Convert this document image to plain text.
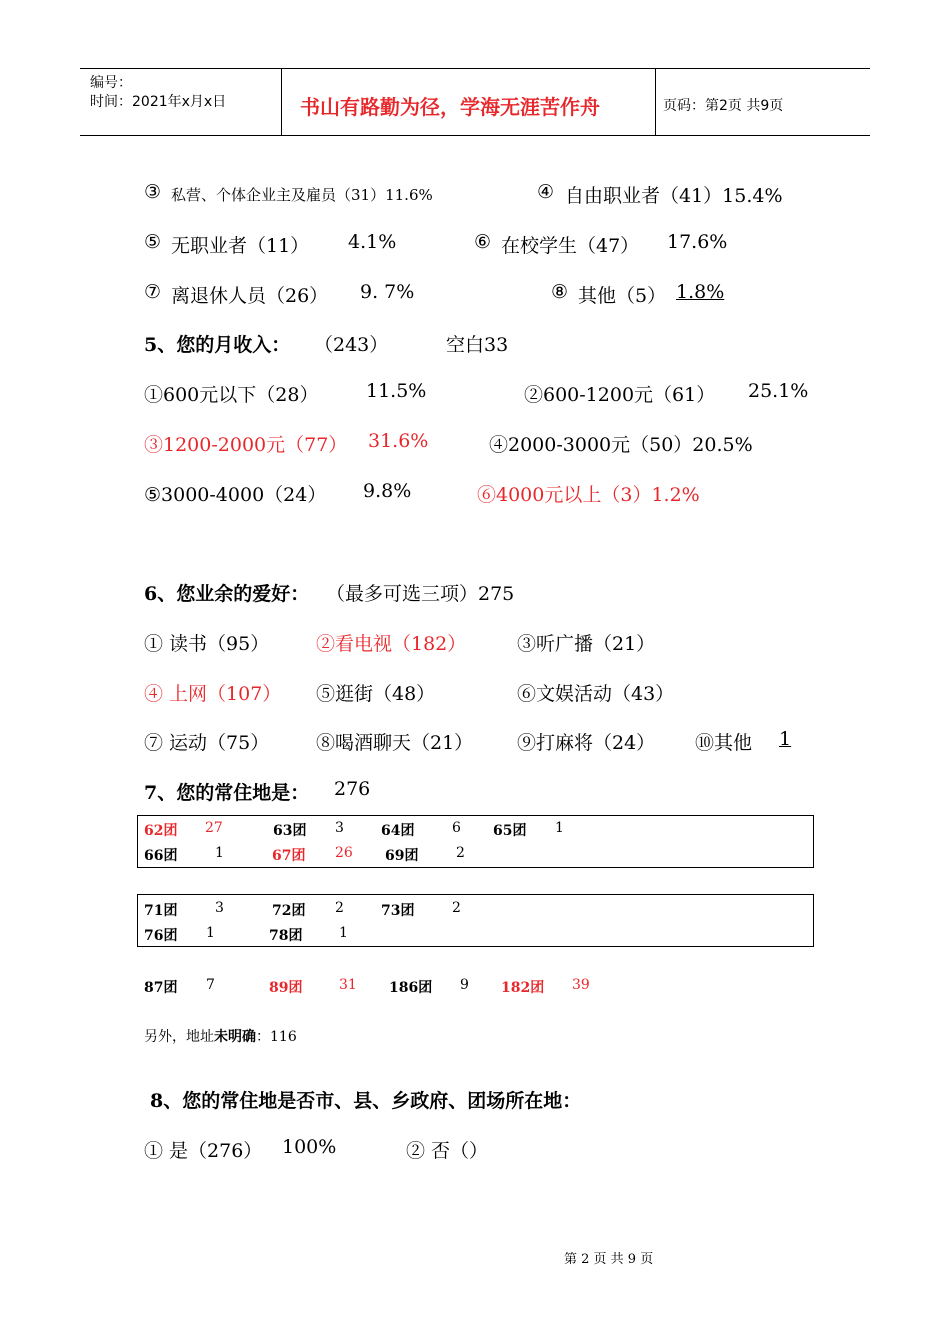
编号：
时间：2021年x月x日	书山有路勤为径，学海无涯苦作舟	页码：第2页 共9页
③ 私营、个体企业主及雇员（31）11.6%	④ 自由职业者（41）15.4%
⑤ 无职业者（11） 4.1%	⑥ 在校学生（47） 17.6%
⑦ 离退休人员（26） 9. 7%	⑧ 其他（5） 1.8%
5、您的月收入： （243）	空白33
①600元以下（28）	11.5%	②600-1200元（61） 25.1%
③1200-2000元（77） 31.6%	④2000-3000元（50）20.5%
⑤3000-4000（24） 9.8%	⑥4000元以上（3）1.2%
6、您业余的爱好： （最多可选三项）275
① 读书（95） ②看电视（182）	③听广播（21）
④ 上网（107） ⑤逛街（48）	⑥文娱活动（43）
⑦ 运动（75） ⑧喝酒聊天（21） ⑨打麻将（24） ⑩其他	1
7、您的常住地是： 276
62团 27	63团 3	64团	6 65团 1
66团	1	67团 26 69团	2
71团	3	72团 2	73团	2
76团 1	78团	1
87团 7	89团	31 186团 9 182团 39
另外，地址未明确：116
8、您的常住地是否市、县、乡政府、团场所在地：
① 是（276） 100%	② 否（）
第 2 页 共 9 页
